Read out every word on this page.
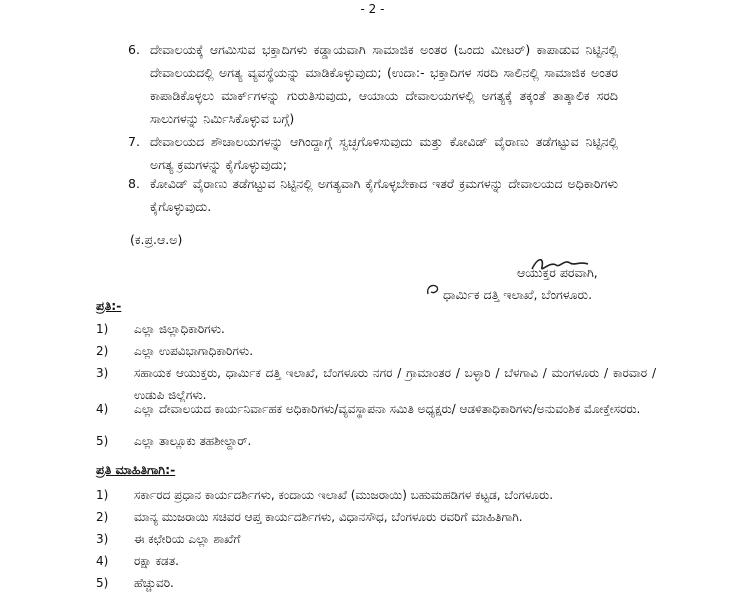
- 2 -
6. ದೇವಾಲಯಕ್ಕೆ ಆಗಮಿಸುವ ಭಕ್ತಾದಿಗಳು ಕಡ್ಡಾಯವಾಗಿ ಸಾಮಾಜಿಕ ಅಂತರ (ಒಂದು ಮೀಟರ್) ಕಾಪಾಡುವ ನಿಟ್ಟಿನಲ್ಲಿ ದೇವಾಲಯದಲ್ಲಿ ಅಗತ್ಯ ವ್ಯವಸ್ಥೆಯನ್ನು ಮಾಡಿಕೊಳ್ಳುವುದು; (ಉದಾ:- ಭಕ್ತಾದಿಗಳ ಸರದಿ ಸಾಲಿನಲ್ಲಿ ಸಾಮಾಜಿಕ ಅಂತರ ಕಾಪಾಡಿಕೊಳ್ಳಲು ಮಾರ್ಕ್‌ಗಳನ್ನು ಗುರುತಿಸುವುದು, ಆಯಾಯ ದೇವಾಲಯಗಳಲ್ಲಿ ಅಗತ್ಯಕ್ಕೆ ತಕ್ಕಂತೆ ತಾತ್ಕಾಲಿಕ ಸರದಿ ಸಾಲುಗಳನ್ನು ನಿರ್ಮಿಸಿಕೊಳ್ಳುವ ಬಗ್ಗೆ)
7. ದೇವಾಲಯದ ಶೌಚಾಲಯಗಳನ್ನು ಆಗಿಂದ್ದಾಗ್ಗೆ ಸ್ವಚ್ಛಗೊಳಿಸುವುದು ಮತ್ತು ಕೋವಿಡ್ ವೈರಾಣು ತಡೆಗಟ್ಟುವ ನಿಟ್ಟಿನಲ್ಲಿ ಅಗತ್ಯ ಕ್ರಮಗಳನ್ನು ಕೈಗೊಳ್ಳುವುದು;
8. ಕೋವಿಡ್ ವೈರಾಣು ತಡೆಗಟ್ಟುವ ನಿಟ್ಟಿನಲ್ಲಿ ಅಗತ್ಯವಾಗಿ ಕೈಗೊಳ್ಳಬೇಕಾದ ಇತರೆ ಕ್ರಮಗಳನ್ನು ದೇವಾಲಯದ ಅಧಿಕಾರಿಗಳು ಕೈಗೊಳ್ಳುವುದು.
(ಕ.ಪ್ರ.ಆ.ಅ)
ಆಯುಕ್ತರ ಪರವಾಗಿ,
ಧಾರ್ಮಿಕ ದತ್ತಿ ಇಲಾಖೆ, ಬೆಂಗಳೂರು.
ಪ್ರತಿ:-
1)	ಎಲ್ಲಾ ಜಿಲ್ಲಾಧಿಕಾರಿಗಳು.
2)	ಎಲ್ಲಾ ಉಪವಿಭಾಗಾಧಿಕಾರಿಗಳು.
3)	ಸಹಾಯಕ ಆಯುಕ್ತರು, ಧಾರ್ಮಿಕ ದತ್ತಿ ಇಲಾಖೆ, ಬೆಂಗಳೂರು ನಗರ / ಗ್ರಾಮಾಂತರ / ಬಳ್ಳಾರಿ / ಬೆಳಗಾವಿ / ಮಂಗಳೂರು / ಕಾರವಾರ / ಉಡುಪಿ ಜಿಲ್ಲೆಗಳು.
4)	ಎಲ್ಲಾ ದೇವಾಲಯದ ಕಾರ್ಯನಿರ್ವಾಹಕ ಅಧಿಕಾರಿಗಳು/ವ್ಯವಸ್ಥಾಪನಾ ಸಮಿತಿ ಅಧ್ಯಕ್ಷರು/ ಆಡಳಿತಾಧಿಕಾರಿಗಳು/ಅನುವಂಶಿಕ ಮೋಕ್ತೇಸರರು.
5)	ಎಲ್ಲಾ ತಾಲ್ಲೂಕು ತಹಶೀಲ್ದಾರ್.
ಪ್ರತಿ ಮಾಹಿತಿಗಾಗಿ:-
1)	ಸರ್ಕಾರದ ಪ್ರಧಾನ ಕಾರ್ಯದರ್ಶಿಗಳು, ಕಂದಾಯ ಇಲಾಖೆ (ಮುಜರಾಯಿ) ಬಹುಮಹಡಿಗಳ ಕಟ್ಟಡ, ಬೆಂಗಳೂರು.
2)	ಮಾನ್ಯ ಮುಜರಾಯಿ ಸಚಿವರ ಆಪ್ತ ಕಾರ್ಯದರ್ಶಿಗಳು, ವಿಧಾನಸೌಧ, ಬೆಂಗಳೂರು ರವರಿಗೆ ಮಾಹಿತಿಗಾಗಿ.
3)	ಈ ಕಛೇರಿಯ ಎಲ್ಲಾ ಶಾಖೆಗೆ
4)	ರಕ್ಷಾ ಕಡತ.
5)	ಹೆಚ್ಚುವರಿ.
